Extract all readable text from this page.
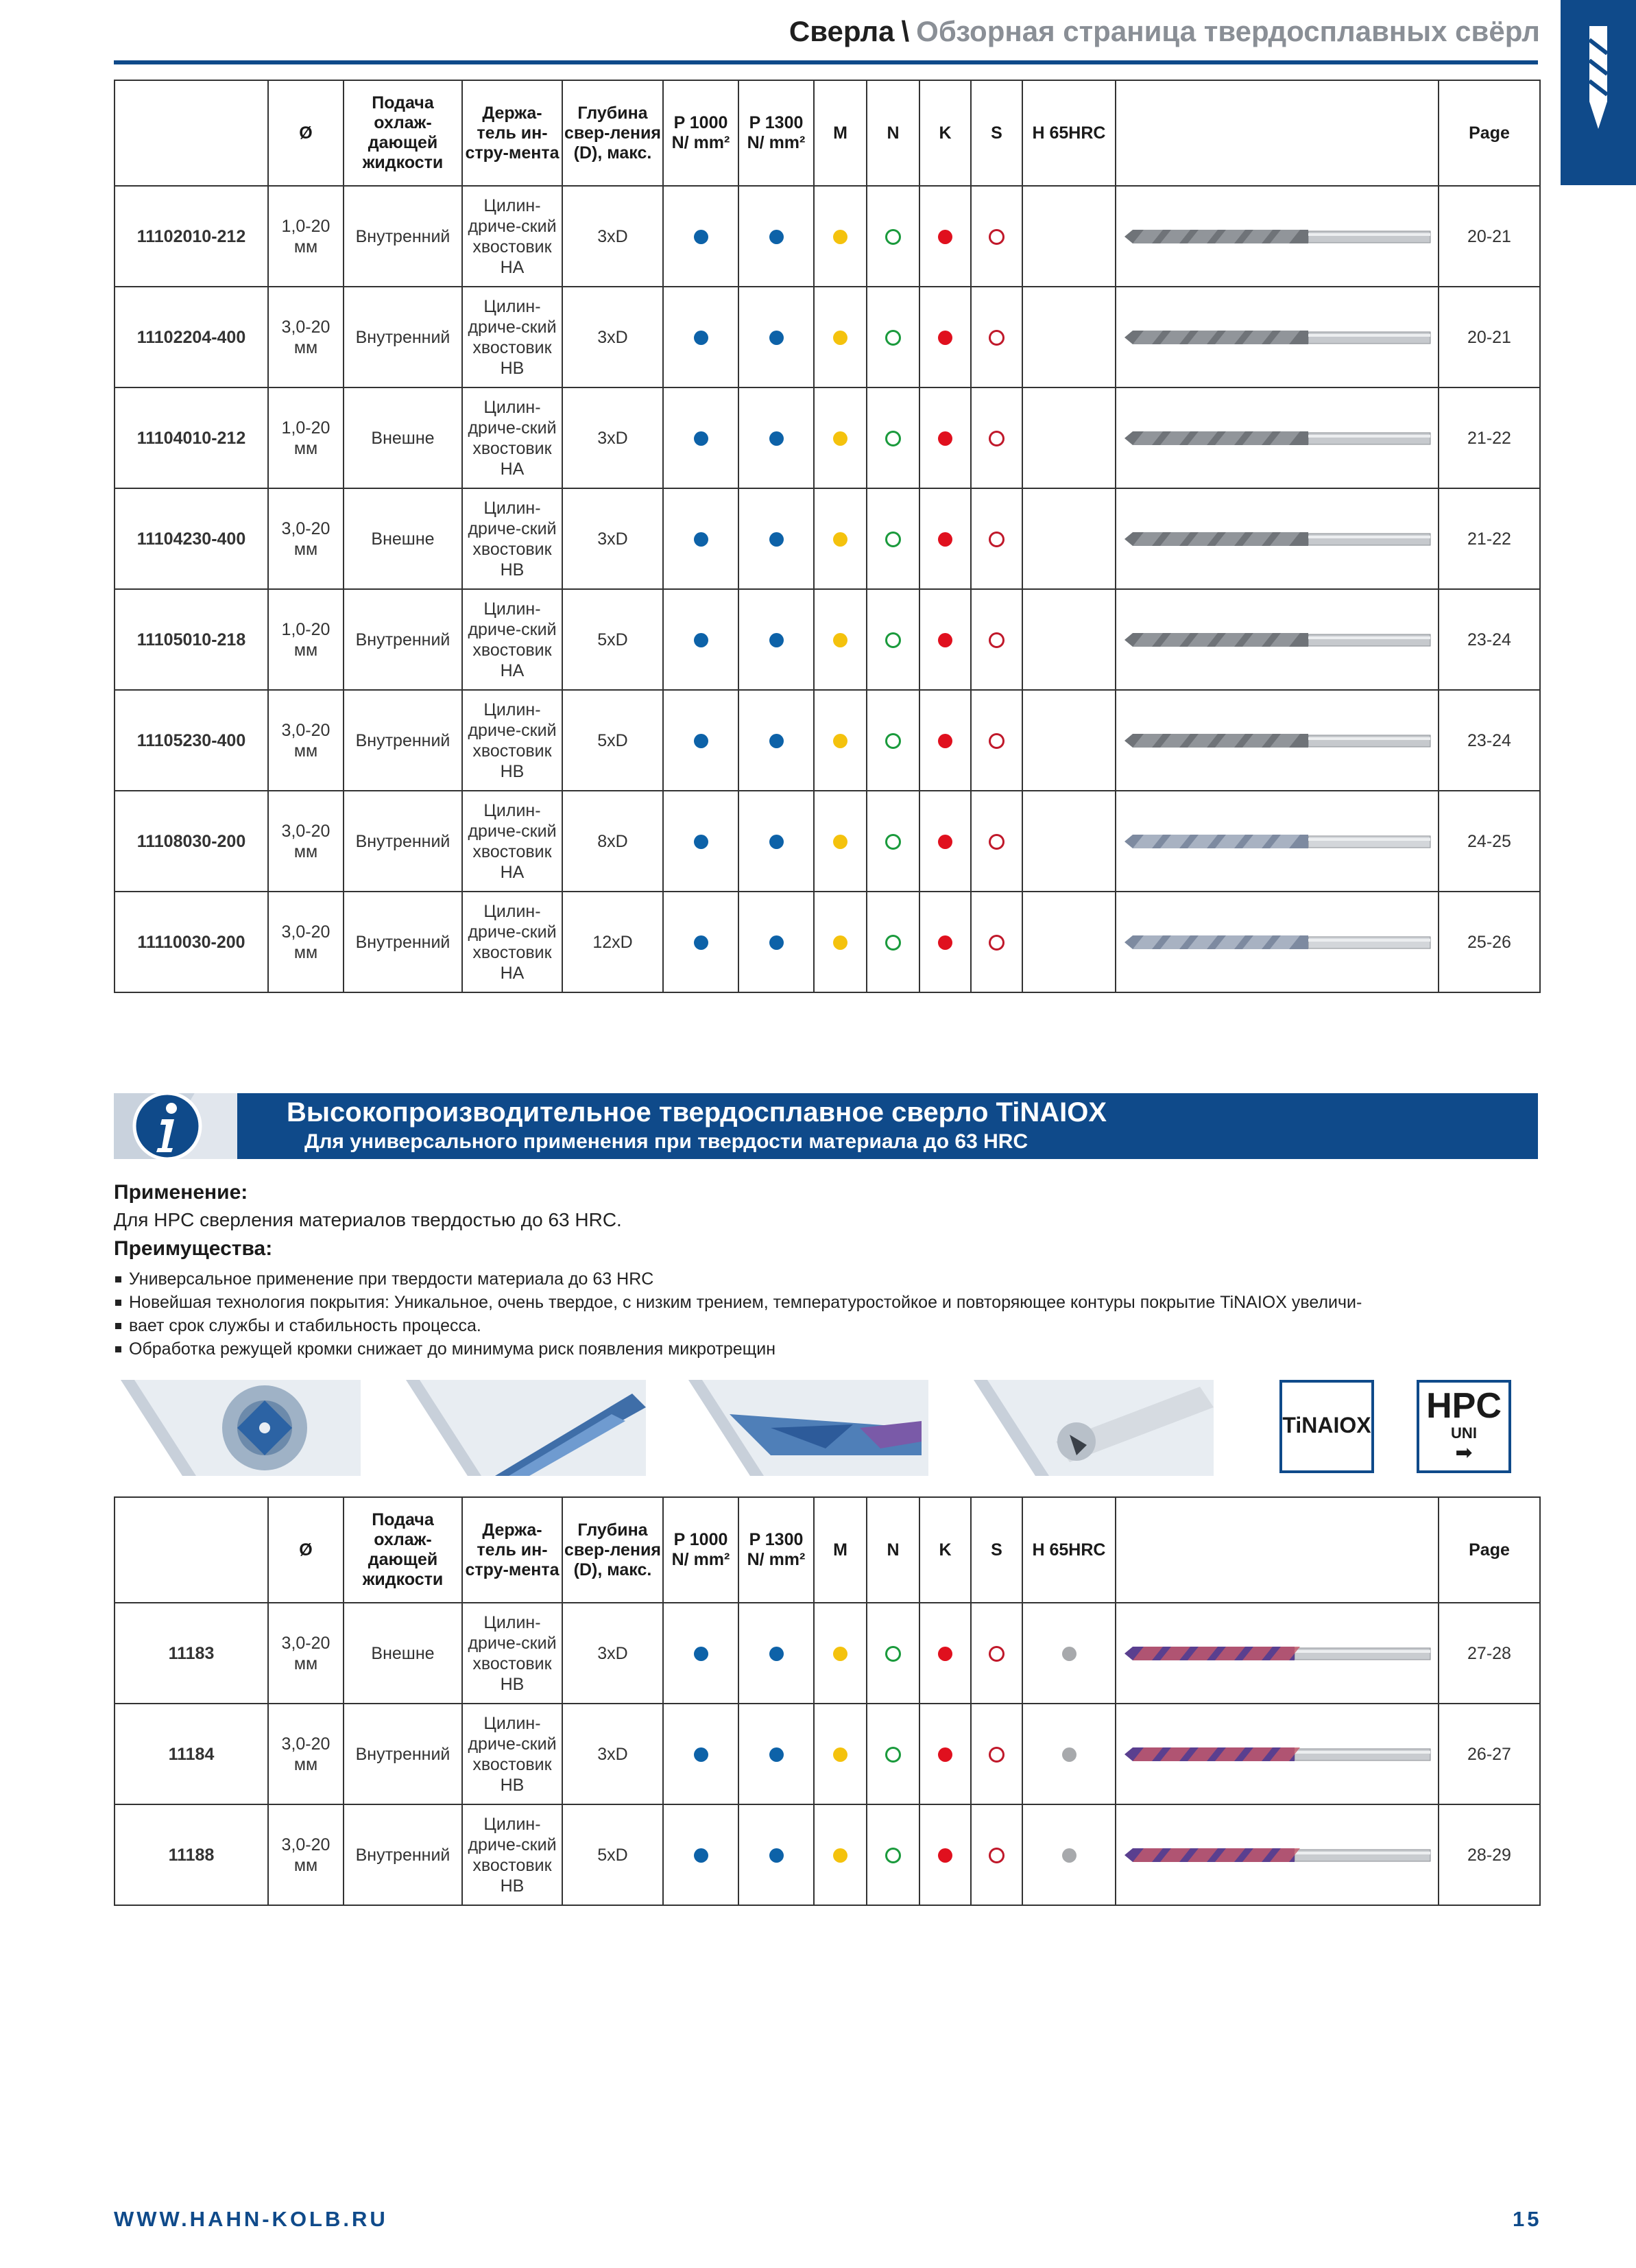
Сверла \ Обзорная страница твердосплавных свёрл
	Ø	Подача охлаж-дающей жидкости	Держа-тель ин-стру-мента	Глубина свер-ления (D), макс.	P 1000 N/ mm²	P 1300 N/ mm²	M	N	K	S	H 65HRC		Page
11102010-212	1,0-20 мм	Внутренний	Цилин-дриче-ский хвостовик HA	3xD									20-21
11102204-400	3,0-20 мм	Внутренний	Цилин-дриче-ский хвостовик HB	3xD									20-21
11104010-212	1,0-20 мм	Внешне	Цилин-дриче-ский хвостовик HA	3xD									21-22
11104230-400	3,0-20 мм	Внешне	Цилин-дриче-ский хвостовик HB	3xD									21-22
11105010-218	1,0-20 мм	Внутренний	Цилин-дриче-ский хвостовик HA	5xD									23-24
11105230-400	3,0-20 мм	Внутренний	Цилин-дриче-ский хвостовик HB	5xD									23-24
11108030-200	3,0-20 мм	Внутренний	Цилин-дриче-ский хвостовик HA	8xD									24-25
11110030-200	3,0-20 мм	Внутренний	Цилин-дриче-ский хвостовик HA	12xD									25-26
Высокопроизводительное твердосплавное сверло TiNAIOX
Для универсального применения при твердости материала до 63 HRC
Применение:
Для HPC сверления материалов твердостью до 63 HRC.
Преимущества:
Универсальное применение при твердости материала до 63 HRC
Новейшая технология покрытия: Уникальное, очень твердое, с низким трением, температуростойкое и повторяющее контуры покрытие TiNAIOX увеличи-
вает срок службы и стабильность процесса.
Обработка режущей кромки снижает до минимума риск появления микротрещин
TiNAIOX HPC
UNI
➡
	Ø	Подача охлаж-дающей жидкости	Держа-тель ин-стру-мента	Глубина свер-ления (D), макс.	P 1000 N/ mm²	P 1300 N/ mm²	M	N	K	S	H 65HRC		Page
11183	3,0-20 мм	Внешне	Цилин-дриче-ский хвостовик HB	3xD									27-28
11184	3,0-20 мм	Внутренний	Цилин-дриче-ский хвостовик HB	3xD									26-27
11188	3,0-20 мм	Внутренний	Цилин-дриче-ский хвостовик HB	5xD									28-29
WWW.HAHN-KOLB.RU	15
